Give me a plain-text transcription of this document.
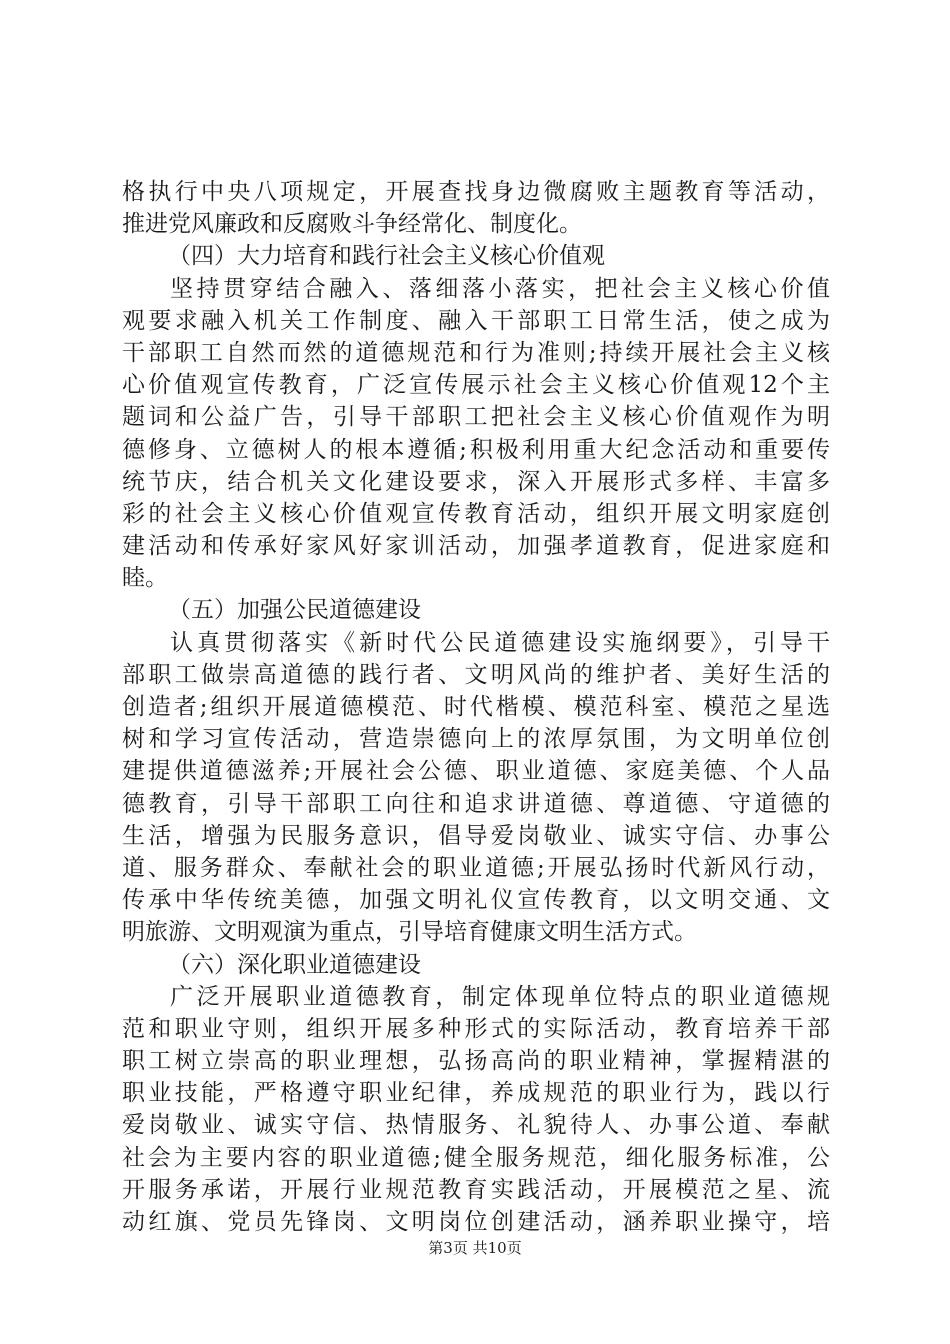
格执行中央八项规定，开展查找身边微腐败主题教育等活动，
推进党风廉政和反腐败斗争经常化、制度化。
（四）大力培育和践行社会主义核心价值观
坚持贯穿结合融入、落细落小落实，把社会主义核心价值
观要求融入机关工作制度、融入干部职工日常生活，使之成为
干部职工自然而然的道德规范和行为准则;持续开展社会主义核
心价值观宣传教育，广泛宣传展示社会主义核心价值观12个主
题词和公益广告，引导干部职工把社会主义核心价值观作为明
德修身、立德树人的根本遵循;积极利用重大纪念活动和重要传
统节庆，结合机关文化建设要求，深入开展形式多样、丰富多
彩的社会主义核心价值观宣传教育活动，组织开展文明家庭创
建活动和传承好家风好家训活动，加强孝道教育，促进家庭和
睦。
（五）加强公民道德建设
认真贯彻落实《新时代公民道德建设实施纲要》，引导干
部职工做崇高道德的践行者、文明风尚的维护者、美好生活的
创造者;组织开展道德模范、时代楷模、模范科室、模范之星选
树和学习宣传活动，营造崇德向上的浓厚氛围，为文明单位创
建提供道德滋养;开展社会公德、职业道德、家庭美德、个人品
德教育，引导干部职工向往和追求讲道德、尊道德、守道德的
生活，增强为民服务意识，倡导爱岗敬业、诚实守信、办事公
道、服务群众、奉献社会的职业道德;开展弘扬时代新风行动，
传承中华传统美德，加强文明礼仪宣传教育，以文明交通、文
明旅游、文明观演为重点，引导培育健康文明生活方式。
（六）深化职业道德建设
广泛开展职业道德教育，制定体现单位特点的职业道德规
范和职业守则，组织开展多种形式的实际活动，教育培养干部
职工树立崇高的职业理想，弘扬高尚的职业精神，掌握精湛的
职业技能，严格遵守职业纪律，养成规范的职业行为，践以行
爱岗敬业、诚实守信、热情服务、礼貌待人、办事公道、奉献
社会为主要内容的职业道德;健全服务规范，细化服务标准，公
开服务承诺，开展行业规范教育实践活动，开展模范之星、流
动红旗、党员先锋岗、文明岗位创建活动，涵养职业操守，培
第3页 共10页
